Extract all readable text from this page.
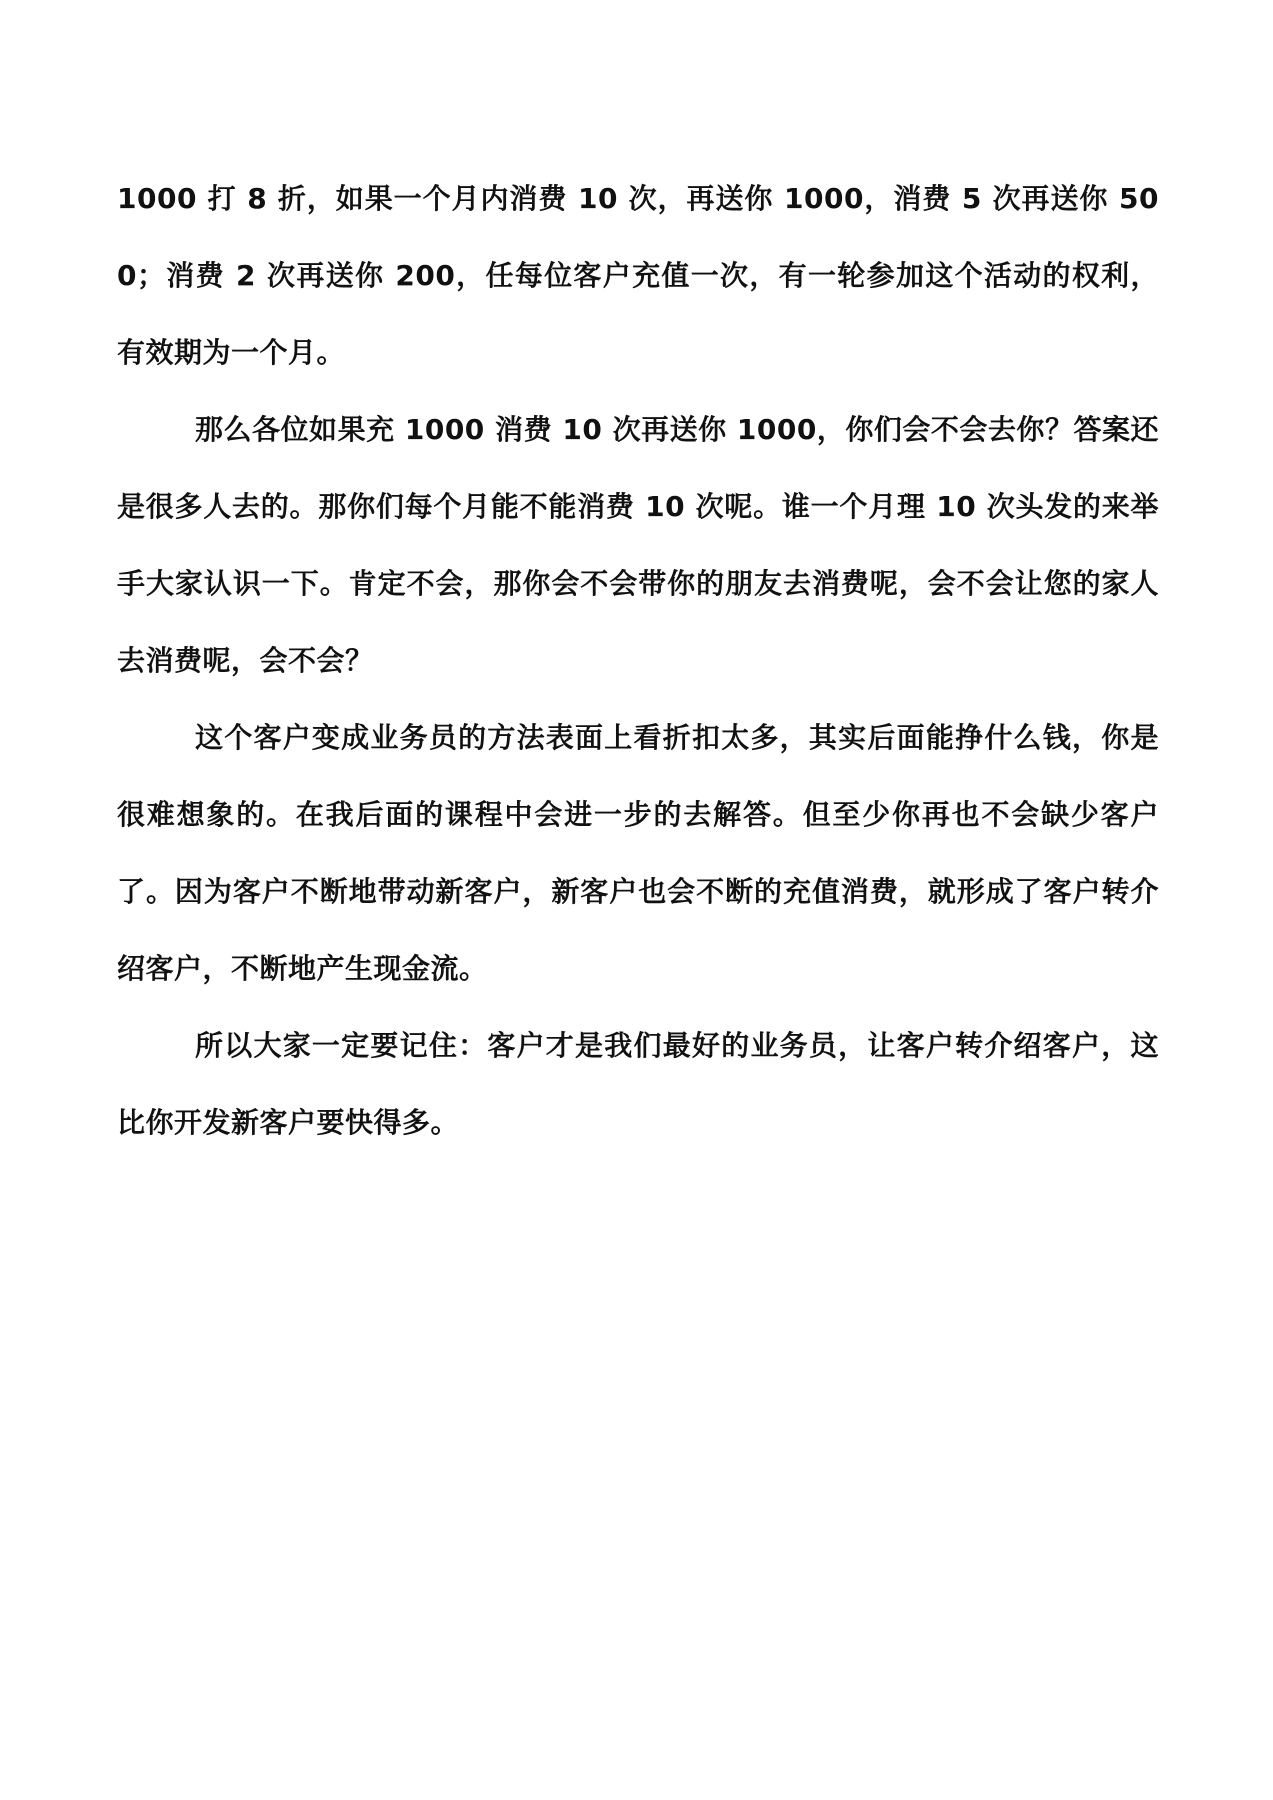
1000 打 8 折，如果一个月内消费 10 次，再送你 1000，消费 5 次再送你 500；消费 2 次再送你 200，任每位客户充值一次，有一轮参加这个活动的权利，有效期为一个月。

那么各位如果充 1000 消费 10 次再送你 1000，你们会不会去你？答案还是很多人去的。那你们每个月能不能消费 10 次呢。谁一个月理 10 次头发的来举手大家认识一下。肯定不会，那你会不会带你的朋友去消费呢，会不会让您的家人去消费呢，会不会？

这个客户变成业务员的方法表面上看折扣太多，其实后面能挣什么钱，你是很难想象的。在我后面的课程中会进一步的去解答。但至少你再也不会缺少客户了。因为客户不断地带动新客户，新客户也会不断的充值消费，就形成了客户转介绍客户，不断地产生现金流。

所以大家一定要记住：客户才是我们最好的业务员，让客户转介绍客户，这比你开发新客户要快得多。
